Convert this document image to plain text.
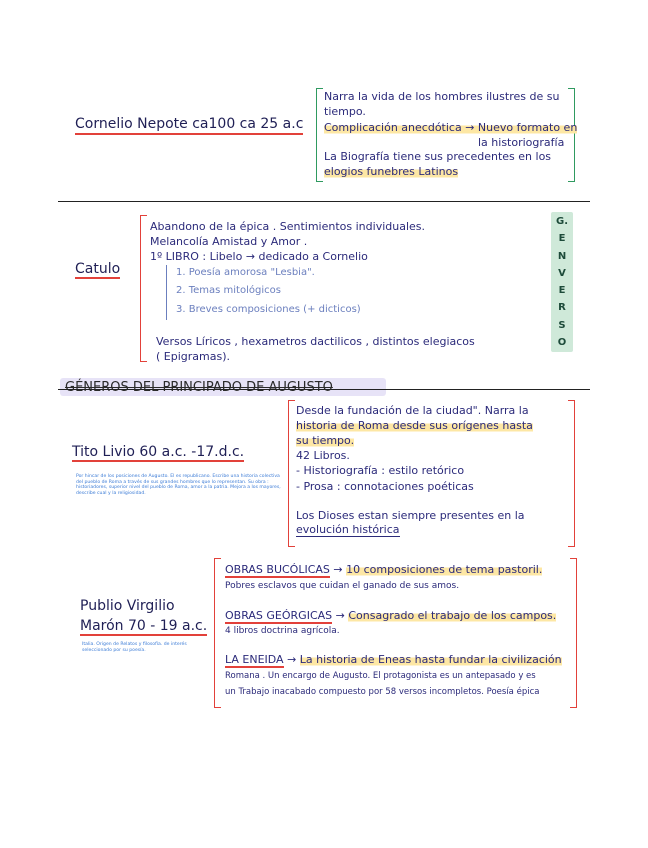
Cornelio Nepote ca100 ca 25 a.c
Narra la vida de los hombres ilustres de su
tiempo.
Complicación anecdótica → Nuevo formato en
la historiografía
La Biografía tiene sus precedentes en los
elogios funebres Latinos
Catulo
Abandono de la épica . Sentimientos individuales.
Melancolía Amistad y Amor .
1º LIBRO : Libelo → dedicado a Cornelio
1. Poesía amorosa "Lesbia".
2. Temas mitológicos
3. Breves composiciones (+ dicticos)
Versos Líricos , hexametros dactilicos , distintos elegiacos
( Epigramas).
G.
E
N
V
E
R
S
O
GÉNEROS DEL PRINCIPADO DE AUGUSTO
Tito Livio 60 a.c. -17.d.c.
Por hincar de los posiciones de Augusto. El es republicano. Escribe una historia colectiva del pueblo de Roma a través de sus grandes hombres que lo representan. Su obra : historiadores, superior nivel del pueblo de Roma, amor a la patria. Mejora a los mayores, describe cual y la religiosidad.
Desde la fundación de la ciudad". Narra la
historia de Roma desde sus orígenes hasta
su tiempo.
42 Libros.
- Historiografía : estilo retórico
- Prosa : connotaciones poéticas
Los Dioses estan siempre presentes en la
evolución histórica
Publio Virgilio
Marón 70 - 19 a.c.
Italia. Origen de Relatos y filosofía. de interés seleccionado por su poesía.
OBRAS BUCÓLICAS → 10 composiciones de tema pastoril.
Pobres esclavos que cuidan el ganado de sus amos.
OBRAS GEÓRGICAS → Consagrado el trabajo de los campos.
4 libros doctrina agrícola.
LA ENEIDA → La historia de Eneas hasta fundar la civilización
Romana . Un encargo de Augusto. El protagonista es un antepasado y es
un Trabajo inacabado compuesto por 58 versos incompletos. Poesía épica
